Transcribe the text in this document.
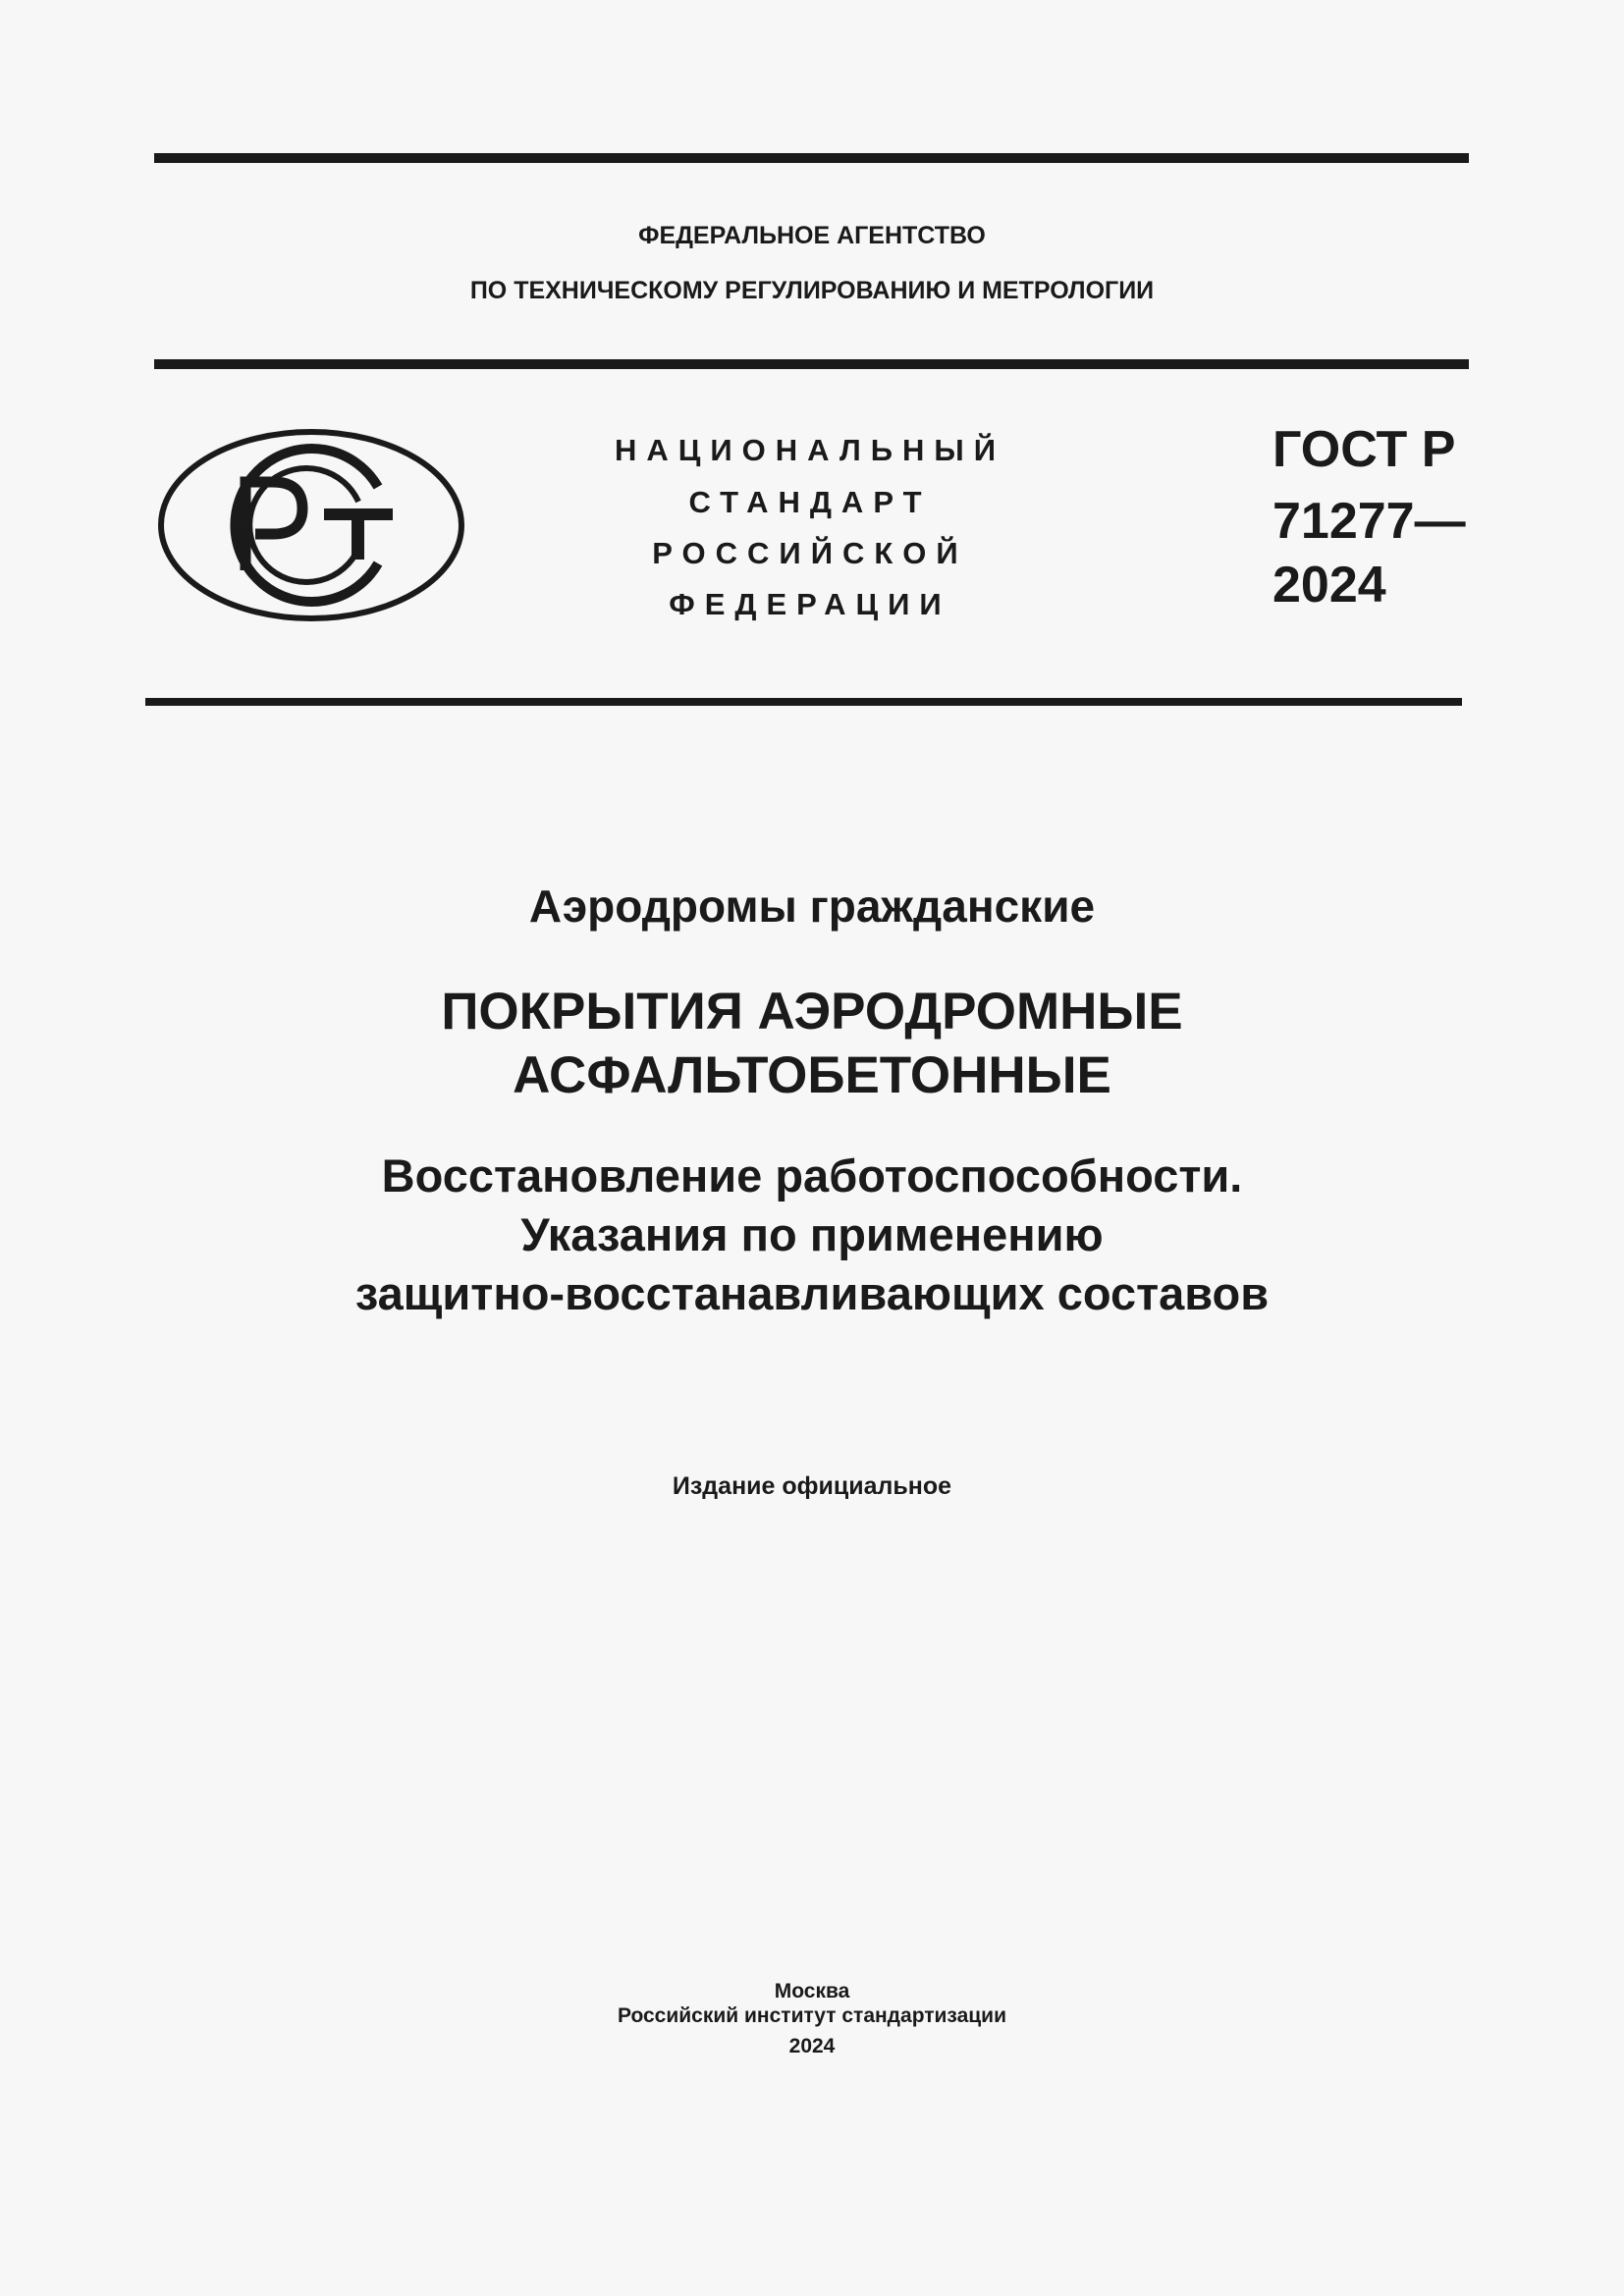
ФЕДЕРАЛЬНОЕ АГЕНТСТВО
ПО ТЕХНИЧЕСКОМУ РЕГУЛИРОВАНИЮ И МЕТРОЛОГИИ
НАЦИОНАЛЬНЫЙ
СТАНДАРТ
РОССИЙСКОЙ
ФЕДЕРАЦИИ
ГОСТ Р
71277—
2024
Аэродромы гражданские
ПОКРЫТИЯ АЭРОДРОМНЫЕ
АСФАЛЬТОБЕТОННЫЕ
Восстановление работоспособности.
Указания по применению
защитно-восстанавливающих составов
Издание официальное
Москва
Российский институт стандартизации
2024
